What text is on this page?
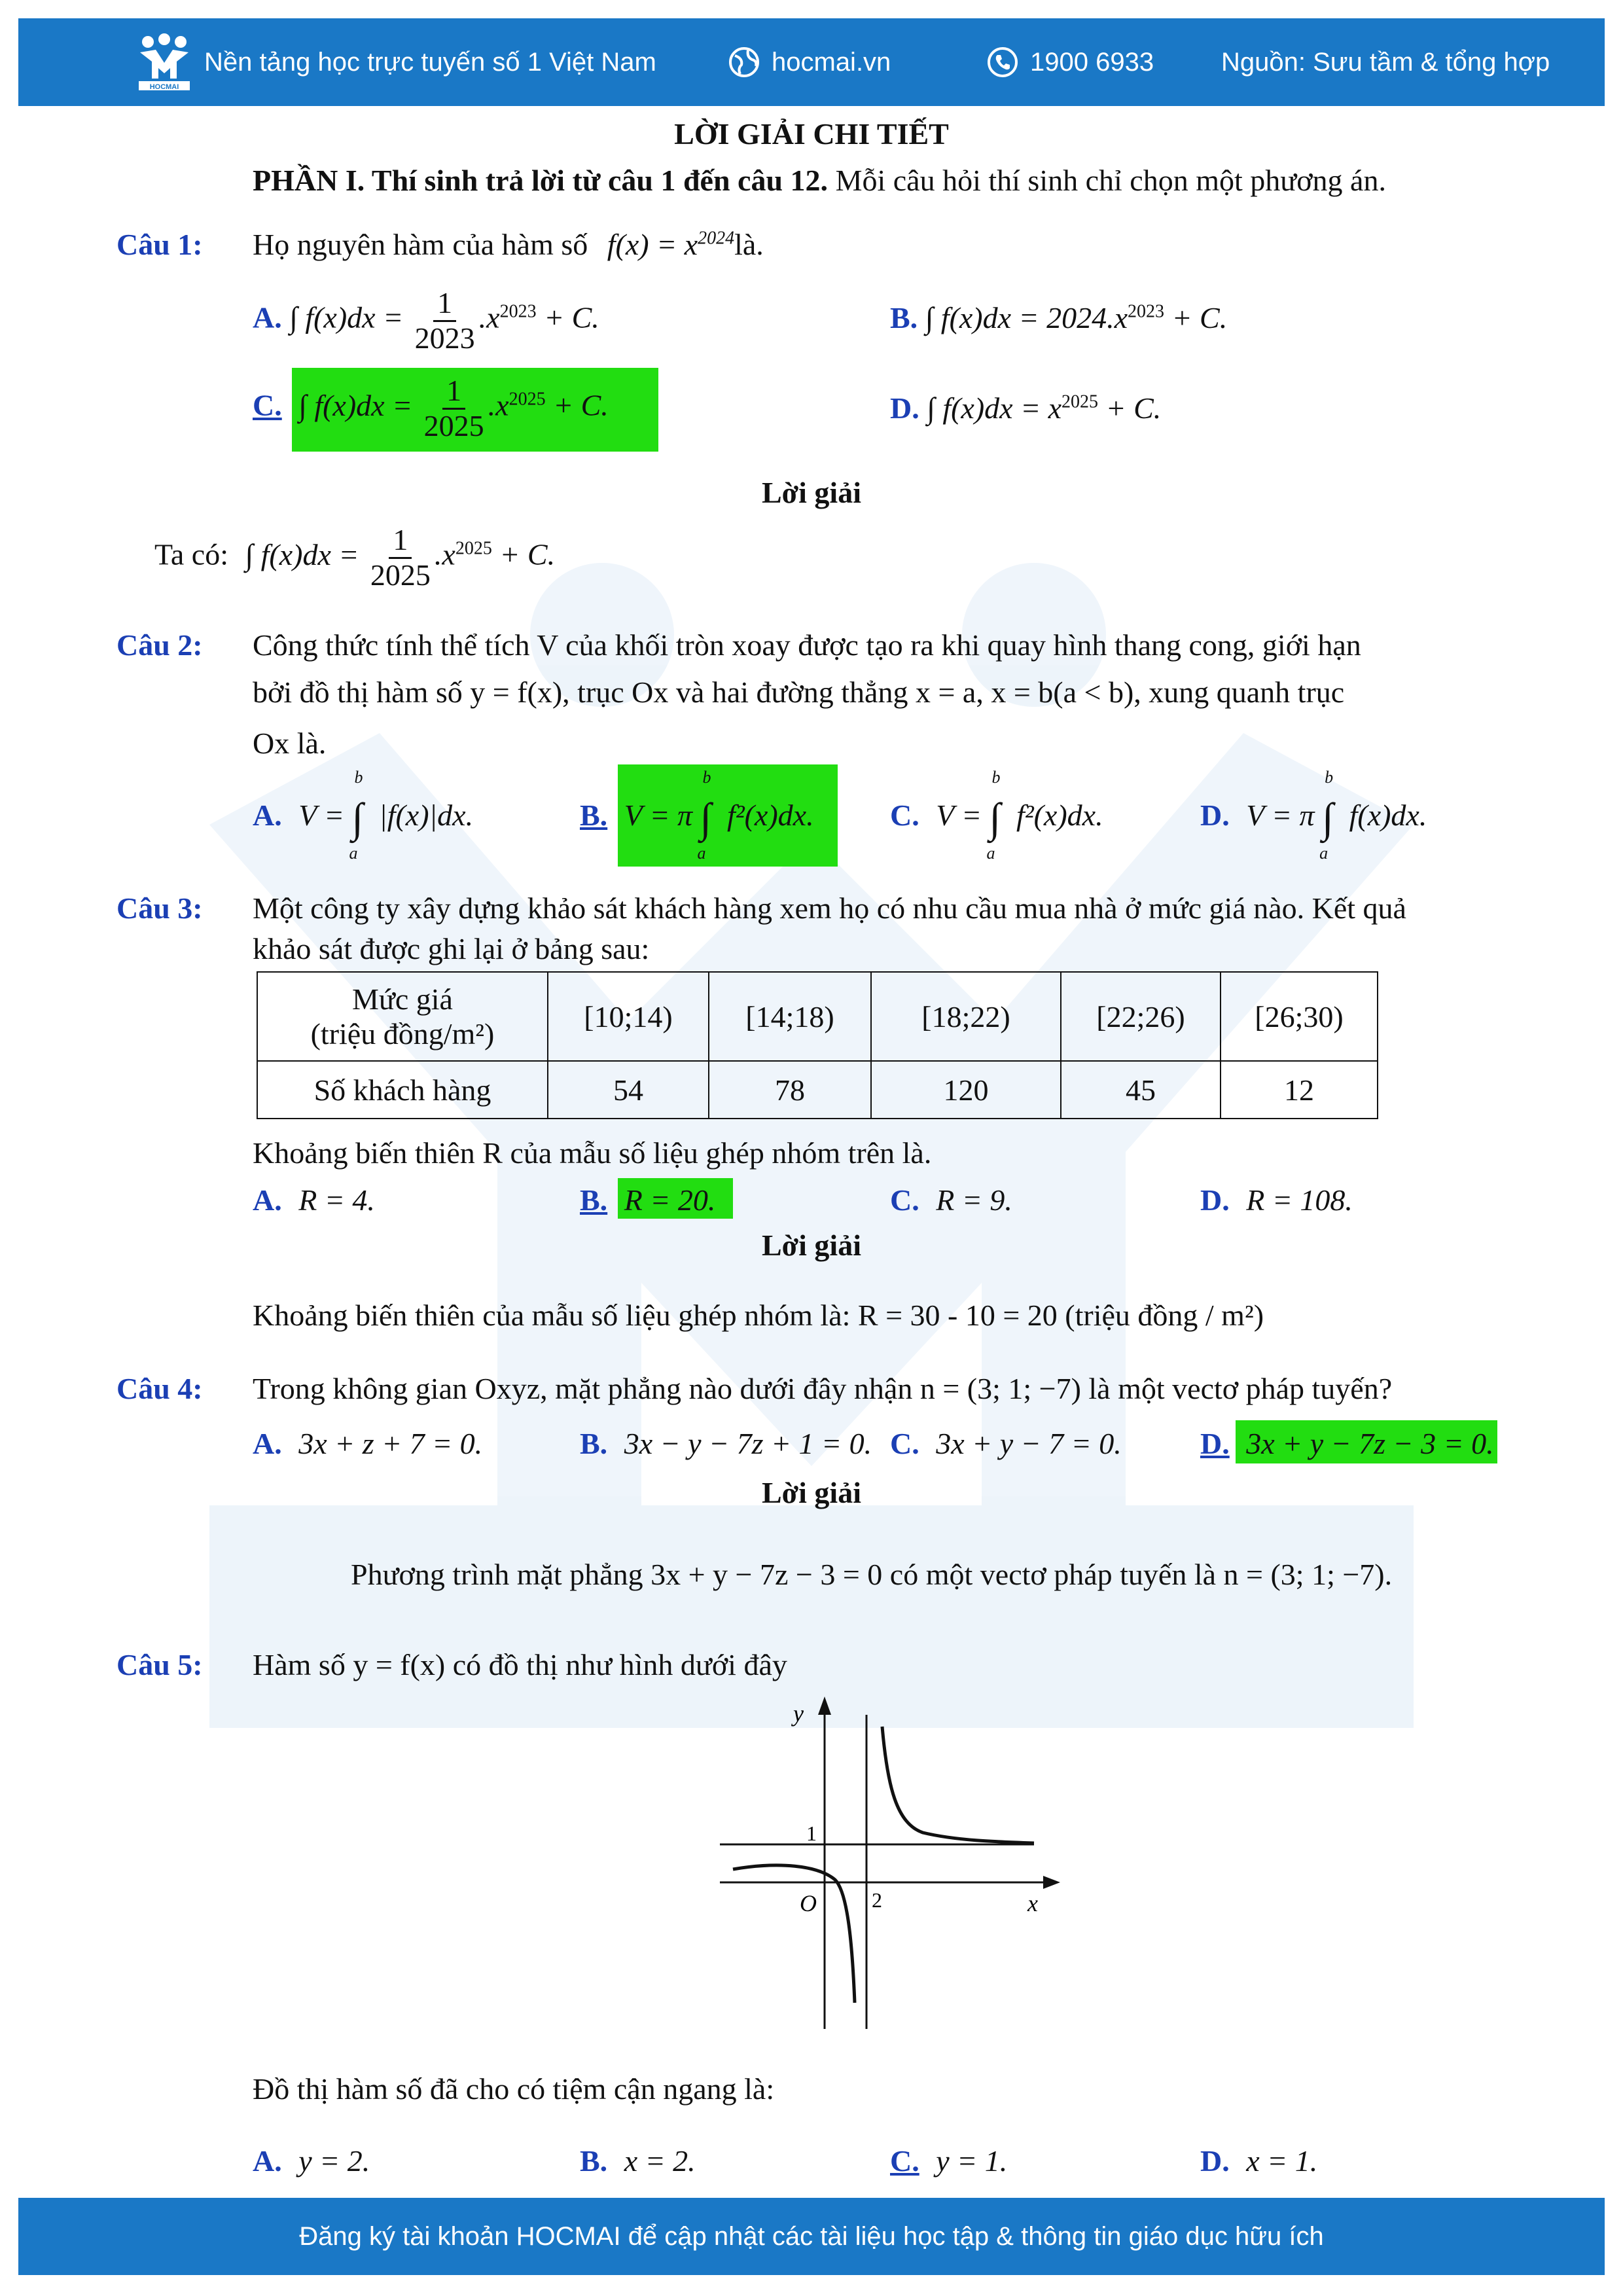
HOCMAI
Nền tảng học trực tuyến số 1 Việt Nam	hocmai.vn	1900 6933	Nguồn: Sưu tầm & tổng hợp
LỜI GIẢI CHI TIẾT
PHẦN I. Thí sinh trả lời từ câu 1 đến câu 12. Mỗi câu hỏi thí sinh chỉ chọn một phương án.
Câu 1: Họ nguyên hàm của hàm số $f(x) = x^{2024}là$.
A. ∫ $f(x)dx = \frac{1}{2023} .x^{2023} + C$.	B. ∫ $f(x)dx = 2024.x^{2023} + C$.
C. ∫ $f(x)dx = \frac{1}{2025} .x^{2025} + C$.	D. ∫ $f(x)dx = x^{2025} + C$.
Lời giải
Ta có: ∫ $f(x)dx = \frac{1}{2025} .x^{2025} + C$.
Câu 2: Công thức tính thể tích V của khối tròn xoay được tạo ra khi quay hình thang cong, giới hạn
bởi đồ thị hàm số y = f(x), trục Ox và hai đường thẳng x = a, x = b(a < b), xung quanh trục
Ox là.
A. V = ∫
b
a
|f(x)|dx.	B. V = π ∫
b
a
f²(x)dx.	C. V = ∫
b
a
f²(x)dx.	D. V = π ∫
b
a
f(x)dx.
Câu 3: Một công ty xây dựng khảo sát khách hàng xem họ có nhu cầu mua nhà ở mức giá nào. Kết quả
khảo sát được ghi lại ở bảng sau:
Mức giá
(triệu đồng/m²)	[10;14)	[14;18)	[18;22)	[22;26)	[26;30)
Số khách hàng	54	78	120	45	12
Khoảng biến thiên R của mẫu số liệu ghép nhóm trên là.
A. R = 4.	B. R = 20.	C. R = 9.	D. R = 108.
Lời giải
Khoảng biến thiên của mẫu số liệu ghép nhóm là: R = 30 - 10 = 20 (triệu đồng / m²)
Câu 4: Trong không gian Oxyz, mặt phẳng nào dưới đây nhận n = (3; 1; −7) là một vectơ pháp tuyến?
A. 3x + z + 7 = 0.	B. 3x − y − 7z + 1 = 0. C. 3x + y − 7 = 0.	D. 3x + y − 7z − 3 = 0.
Lời giải
Phương trình mặt phẳng 3x + y − 7z − 3 = 0 có một vectơ pháp tuyến là n = (3; 1; −7).
Câu 5: Hàm số y = f(x) có đồ thị như hình dưới đây
y
x
O	2
1
Đồ thị hàm số đã cho có tiệm cận ngang là:
A. y = 2.	B. x = 2.	C. y = 1.	D. x = 1.
Đăng ký tài khoản HOCMAI để cập nhật các tài liệu học tập & thông tin giáo dục hữu ích
